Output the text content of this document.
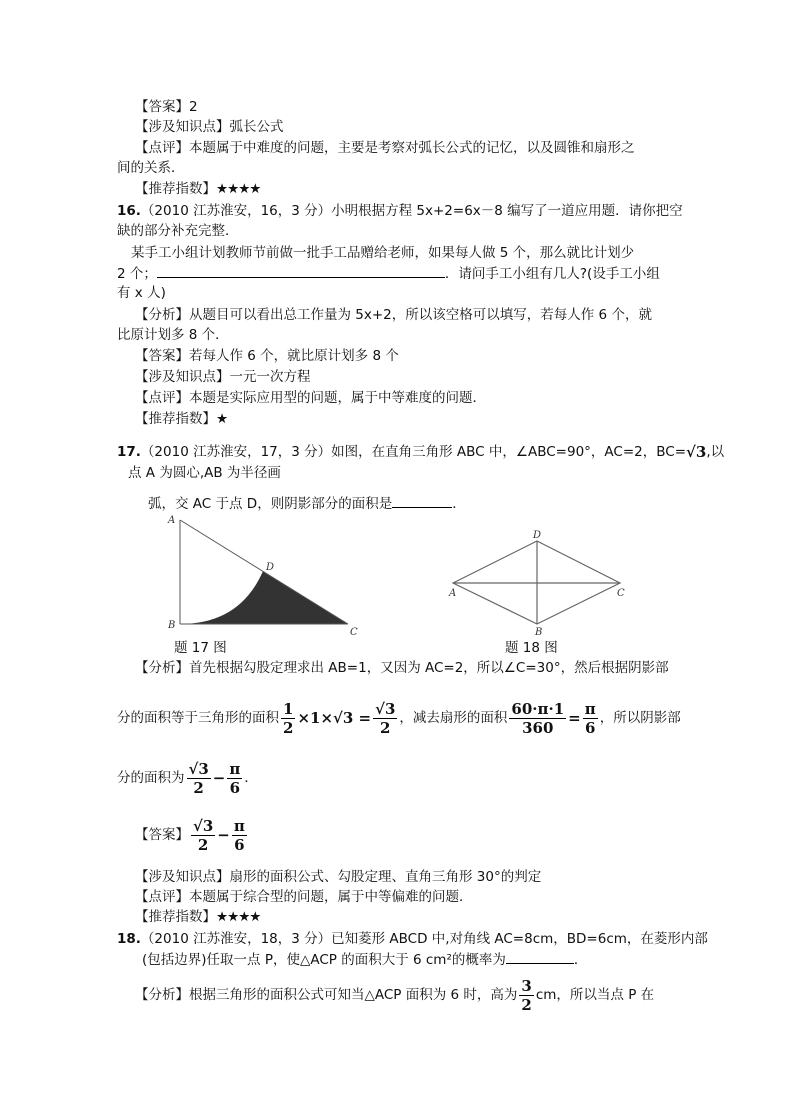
【答案】2
【涉及知识点】弧长公式
【点评】本题属于中难度的问题，主要是考察对弧长公式的记忆，以及圆锥和扇形之
间的关系．
【推荐指数】★★★★
16.（2010 江苏淮安，16，3 分）小明根据方程 5x+2=6x－8 编写了一道应用题．请你把空
缺的部分补充完整．
某手工小组计划教师节前做一批手工品赠给老师，如果每人做 5 个，那么就比计划少
2 个；	．请问手工小组有几人?(设手工小组
有 x 人)
【分析】从题目可以看出总工作量为 5x+2，所以该空格可以填写，若每人作 6 个，就
比原计划多 8 个．
【答案】若每人作 6 个，就比原计划多 8 个
【涉及知识点】一元一次方程
【点评】本题是实际应用型的问题，属于中等难度的问题．
【推荐指数】★
17.（2010 江苏淮安，17，3 分）如图，在直角三角形 ABC 中，∠ABC=90°，AC=2，BC=√3,以
点 A 为圆心,AB 为半径画
弧，交 AC 于点 D，则阴影部分的面积是	．
A
B
C
D
A
B
C
D
题 17 图	题 18 图
【分析】首先根据勾股定理求出 AB=1，又因为 AC=2，所以∠C=30°，然后根据阴影部
分的面积等于三角形的面积 $\frac{1}{2} \times 1\times√3 = \frac{√3}{2}$ ，减去扇形的面积 $\frac{60\cdot\pi\cdot 1}{360} = \frac{\pi}{6}$ ，所以阴影部
分的面积为 $\frac{√3}{2} - \frac{\pi}{6}$ ．
【答案】 $\frac{√3}{2} - \frac{\pi}{6}$
【涉及知识点】扇形的面积公式、勾股定理、直角三角形 30°的判定
【点评】本题属于综合型的问题，属于中等偏难的问题．
【推荐指数】★★★★
18.（2010 江苏淮安，18，3 分）已知菱形 ABCD 中,对角线 AC=8cm，BD=6cm，在菱形内部
(包括边界)任取一点 P，使△ACP 的面积大于 6 cm²的概率为	．
【分析】根据三角形的面积公式可知当△ACP 面积为 6 时，高为 $\frac{3}{2}$ cm，所以当点 P 在
